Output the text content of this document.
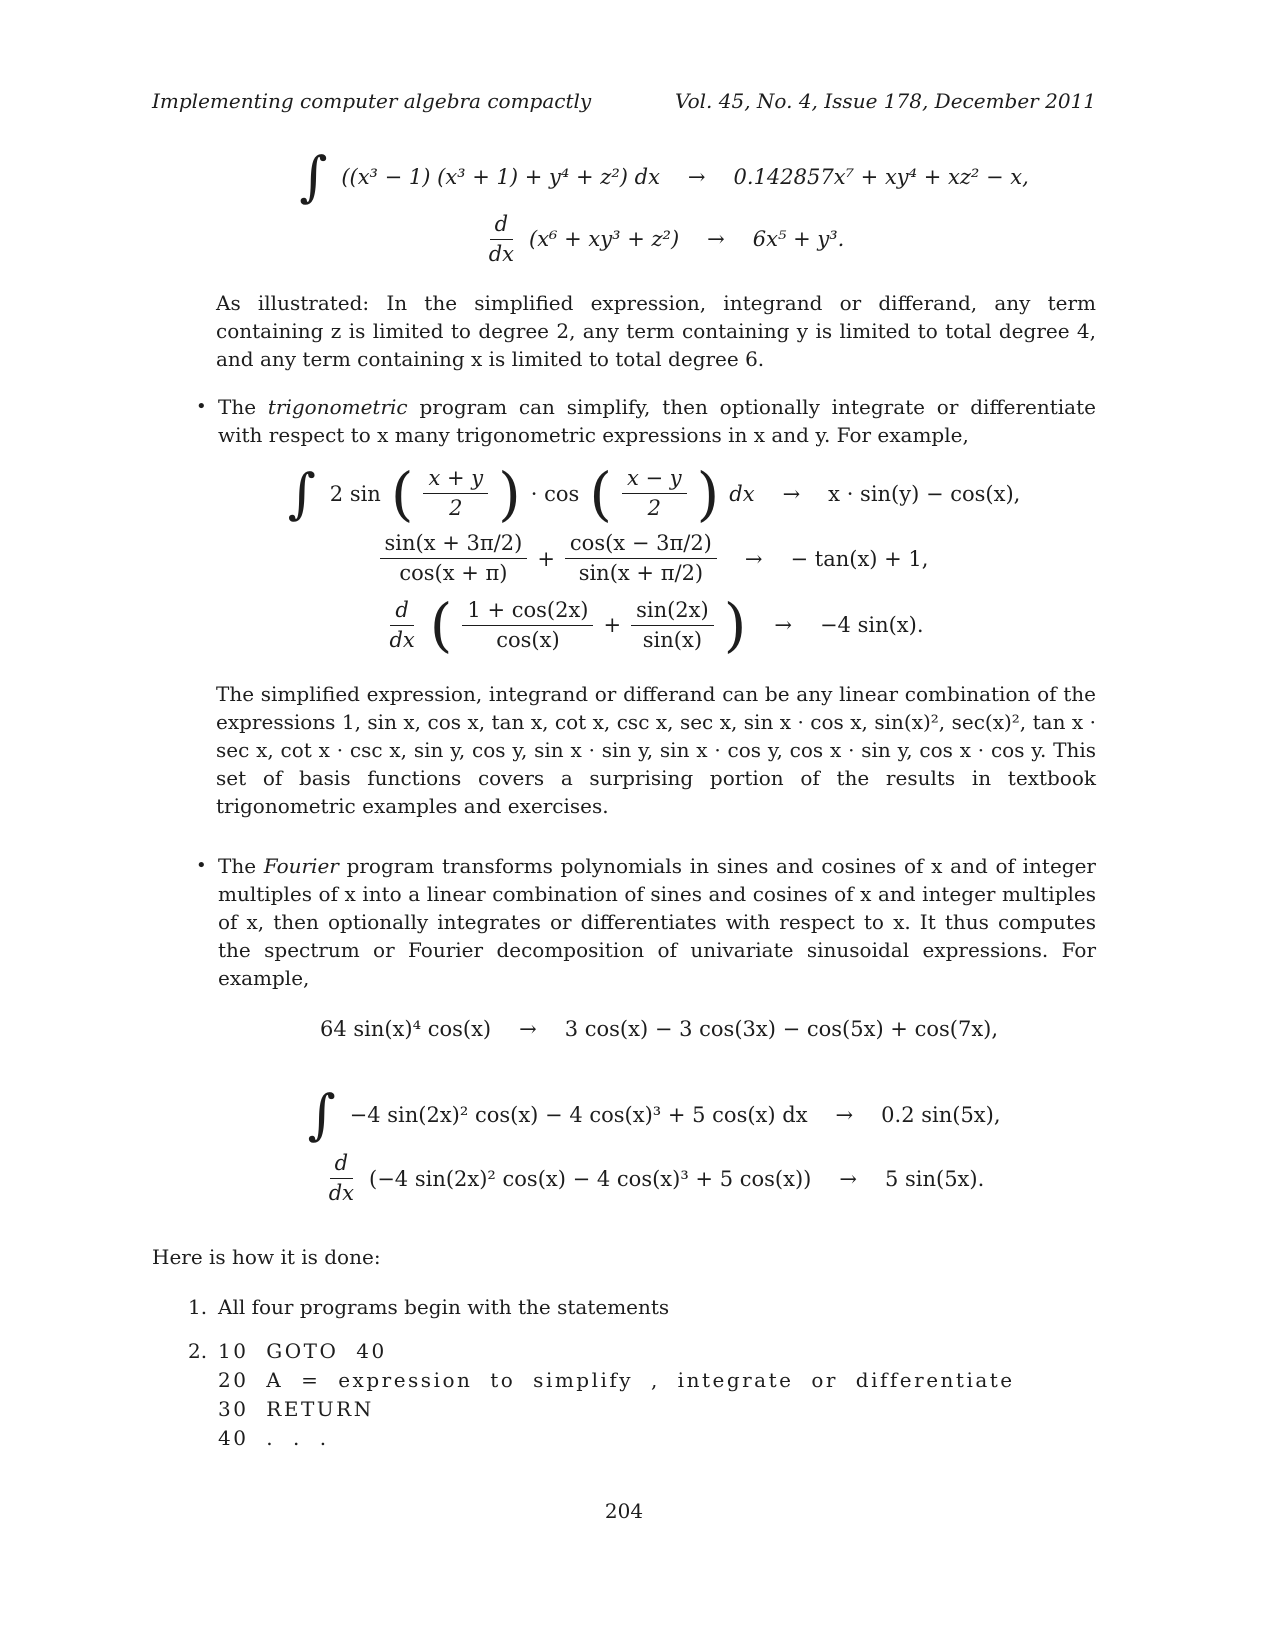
Implementing computer algebra compactly	Vol. 45, No. 4, Issue 178, December 2011
∫ ((x³ − 1) (x³ + 1) + y⁴ + z²) dx → 0.142857x⁷ + xy⁴ + xz² − x,
$\frac{d}{dx} (x^6 + xy^3 + z^2) \to 6x^5 + y^3$.

As illustrated: In the simplified expression, integrand or differand, any term containing z is limited to degree 2, any term containing y is limited to total degree 4, and any term containing x is limited to total degree 6.

• The trigonometric program can simplify, then optionally integrate or differentiate with respect to x many trigonometric expressions in x and y. For example,
∫ 2 sin ( $\frac{x + y}{2}$ ) · cos ( $\frac{x - y}{2}$ ) dx → x · sin(y) − cos(x),
$\frac{\sin(x + 3\pi/2)}{\cos(x + \pi)} + \frac{\cos(x - 3\pi/2)}{\sin(x + \pi/2)}$ → − tan(x) + 1,
$\frac{d}{dx}$ ( $\frac{1 + \cos(2x)}{\cos(x)} + \frac{\sin(2x)}{\sin(x)}$ ) → −4 sin(x).

The simplified expression, integrand or differand can be any linear combination of the expressions 1, sin x, cos x, tan x, cot x, csc x, sec x, sin x · cos x, sin(x)², sec(x)², tan x · sec x, cot x · csc x, sin y, cos y, sin x · sin y, sin x · cos y, cos x · sin y, cos x · cos y. This set of basis functions covers a surprising portion of the results in textbook trigonometric examples and exercises.

• The Fourier program transforms polynomials in sines and cosines of x and of integer multiples of x into a linear combination of sines and cosines of x and integer multiples of x, then optionally integrates or differentiates with respect to x. It thus computes the spectrum or Fourier decomposition of univariate sinusoidal expressions. For example,
64 sin(x)⁴ cos(x) → 3 cos(x) − 3 cos(3x) − cos(5x) + cos(7x),
∫ −4 sin(2x)² cos(x) − 4 cos(x)³ + 5 cos(x) dx → 0.2 sin(5x),
$\frac{d}{dx} (-4$ sin(2x)² cos(x) − 4 cos(x)³ + 5 cos(x)) → 5 sin(5x).

Here is how it is done:

1. All four programs begin with the statements
2. 10 GOTO 40
20 A = expression to simplify , integrate or differentiate
30 RETURN
40 . . .
204
